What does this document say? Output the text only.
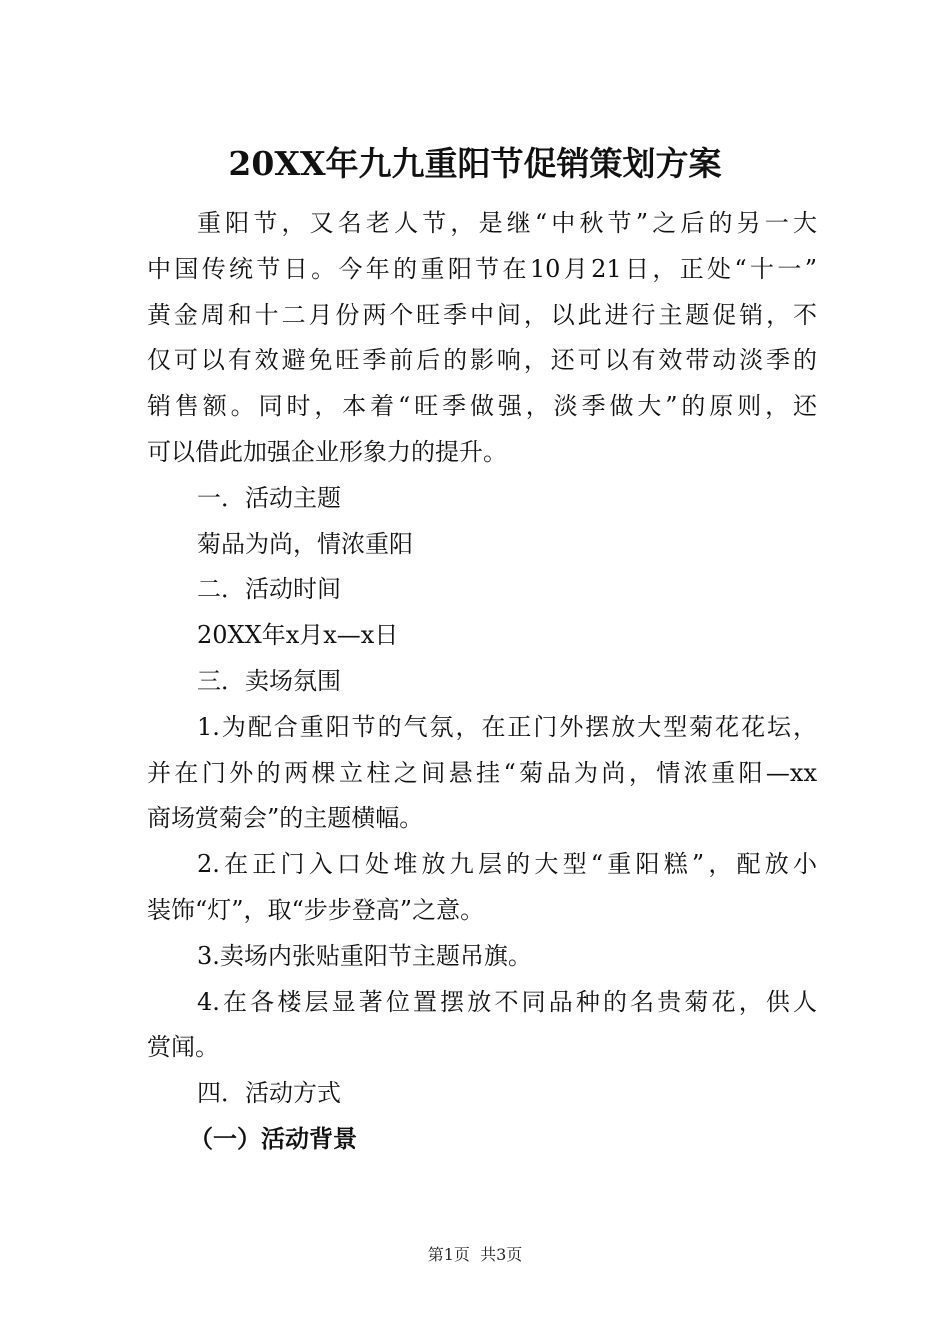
20XX年九九重阳节促销策划方案
重阳节，又名老人节，是继“中秋节”之后的另一大
中国传统节日。今年的重阳节在10月21日，正处“十一”
黄金周和十二月份两个旺季中间，以此进行主题促销，不
仅可以有效避免旺季前后的影响，还可以有效带动淡季的
销售额。同时，本着“旺季做强，淡季做大”的原则，还
可以借此加强企业形象力的提升。
一．活动主题
菊品为尚，情浓重阳
二．活动时间
20XX年x月x—x日
三．卖场氛围
1.为配合重阳节的气氛，在正门外摆放大型菊花花坛，
并在门外的两棵立柱之间悬挂“菊品为尚，情浓重阳—xx
商场赏菊会”的主题横幅。
2.在正门入口处堆放九层的大型“重阳糕”，配放小
装饰“灯”，取“步步登高”之意。
3.卖场内张贴重阳节主题吊旗。
4.在各楼层显著位置摆放不同品种的名贵菊花，供人
赏闻。
四．活动方式
（一）活动背景
第1页  共3页
